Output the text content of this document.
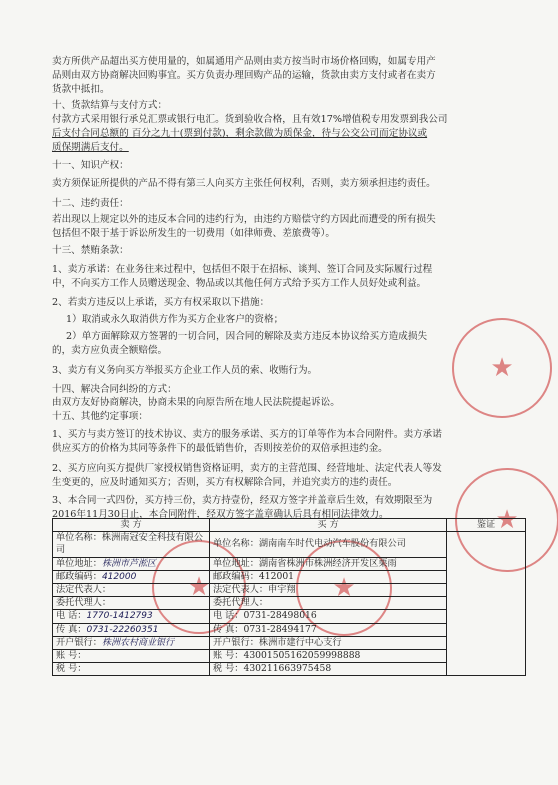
★
★
★	★
卖方所供产品超出买方使用量的，如属通用产品则由卖方按当时市场价格回购，如属专用产
品则由双方协商解决回购事宜。买方负责办理回购产品的运输，货款由卖方支付或者在卖方
货款中抵扣。
十、货款结算与支付方式：
付款方式采用银行承兑汇票或银行电汇。货到验收合格，且有效17%增值税专用发票到我公司
后支付合同总额的 百分之九十(票到付款)，剩余款做为质保金，待与公交公司而定协议或
质保期满后支付。
十一、知识产权：
卖方须保证所提供的产品不得有第三人向买方主张任何权利，否则，卖方须承担违约责任。
十二、违约责任：
若出现以上规定以外的违反本合同的违约行为，由违约方赔偿守约方因此而遭受的所有损失
包括但不限于基于诉讼所发生的一切费用（如律师费、差旅费等）。
十三、禁贿条款：
1、卖方承诺：在业务往来过程中，包括但不限于在招标、谈判、签订合同及实际履行过程
中，不向买方工作人员赠送现金、物品或以其他任何方式给予买方工作人员好处或利益。
2、若卖方违反以上承诺，买方有权采取以下措施：
1）取消或永久取消供方作为买方企业客户的资格；
2）单方面解除双方签署的一切合同，因合同的解除及卖方违反本协议给买方造成损失
的，卖方应负责全额赔偿。
3、卖方有义务向买方举报买方企业工作人员的索、收贿行为。
十四、解决合同纠纷的方式：
由双方友好协商解决，协商未果的向原告所在地人民法院提起诉讼。
十五、其他约定事项：
1、买方与卖方签订的技术协议、卖方的服务承诺、买方的订单等作为本合同附件。卖方承诺
供应买方的价格为其同等条件下的最低销售价，否则按差价的双倍承担违约金。
2、买方应向买方提供厂家授权销售资格证明，卖方的主营范围、经营地址、法定代表人等发
生变更的，应及时通知买方；否则，买方有权解除合同，并追究卖方的违约责任。
3、本合同一式四份，买方持三份，卖方持壹份，经双方签字并盖章后生效，有效期限至为
2016年11月30日止，本合同附件，经双方签字盖章确认后具有相同法律效力。
卖 方	买 方	鉴证
单位名称：株洲南冠安全科技有限公司	单位名称：湖南南车时代电动汽车股份有限公司	
单位地址：株洲市芦淞区	单位地址：湖南省株洲市株洲经济开发区栗雨	
邮政编码：412000	邮政编码：412001	
法定代表人：	法定代表人：申宇翔	
委托代理人：	委托代理人：	
电 话：1770-1412793	电 话：0731-28498016	
传 真：0731-22260351	传 真：0731-28494177	
开户银行：株洲农村商业银行	开户银行：株洲市建行中心支行	
账 号：	账 号：43001505162059998888	
税 号：	税 号：430211663975458	
